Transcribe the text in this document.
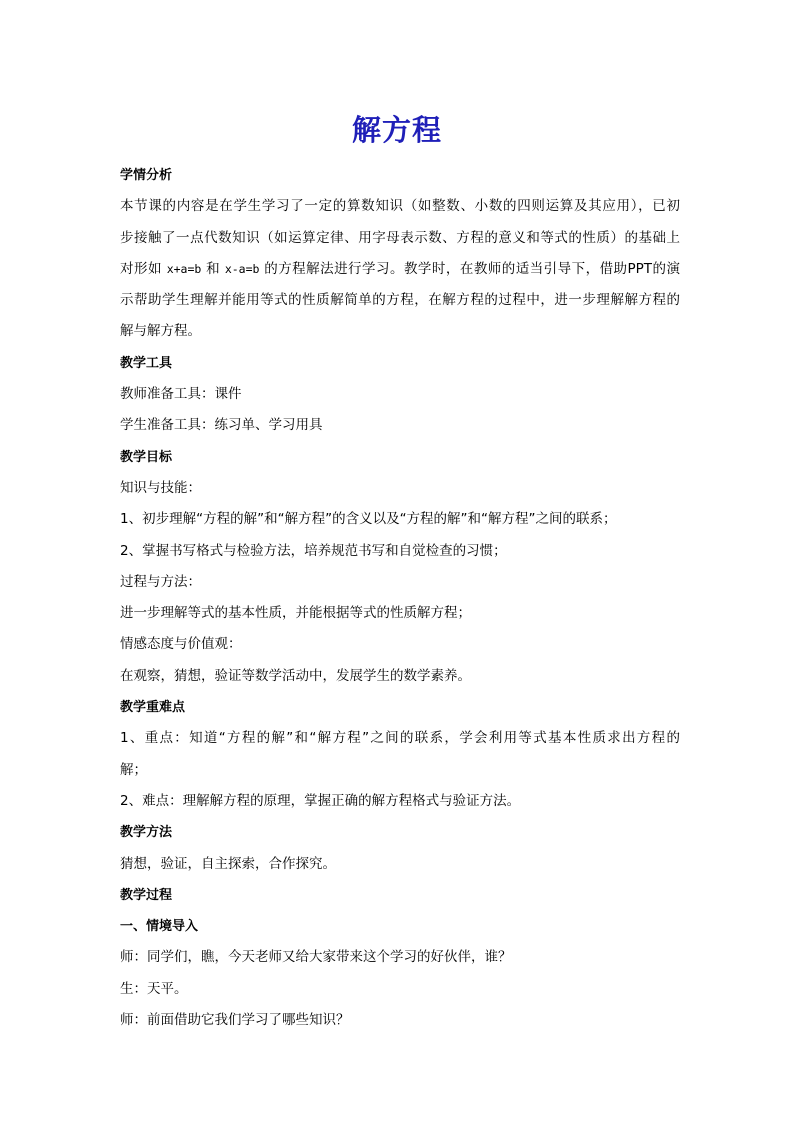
解方程
学情分析
本节课的内容是在学生学习了一定的算数知识（如整数、小数的四则运算及其应用），已初
步接触了一点代数知识（如运算定律、用字母表示数、方程的意义和等式的性质）的基础上
对形如 x+a=b 和 x-a=b 的方程解法进行学习。教学时，在教师的适当引导下，借助PPT的演
示帮助学生理解并能用等式的性质解简单的方程，在解方程的过程中，进一步理解解方程的
解与解方程。
教学工具
教师准备工具：课件
学生准备工具：练习单、学习用具
教学目标
知识与技能：
1、初步理解“方程的解”和“解方程”的含义以及“方程的解”和“解方程”之间的联系；
2、掌握书写格式与检验方法，培养规范书写和自觉检查的习惯；
过程与方法：
进一步理解等式的基本性质，并能根据等式的性质解方程；
情感态度与价值观：
在观察，猜想，验证等数学活动中，发展学生的数学素养。
教学重难点
1、重点：知道“方程的解”和“解方程”之间的联系，学会利用等式基本性质求出方程的
解；
2、难点：理解解方程的原理，掌握正确的解方程格式与验证方法。
教学方法
猜想，验证，自主探索，合作探究。
教学过程
一、情境导入
师：同学们，瞧，今天老师又给大家带来这个学习的好伙伴，谁？
生：天平。
师：前面借助它我们学习了哪些知识？
